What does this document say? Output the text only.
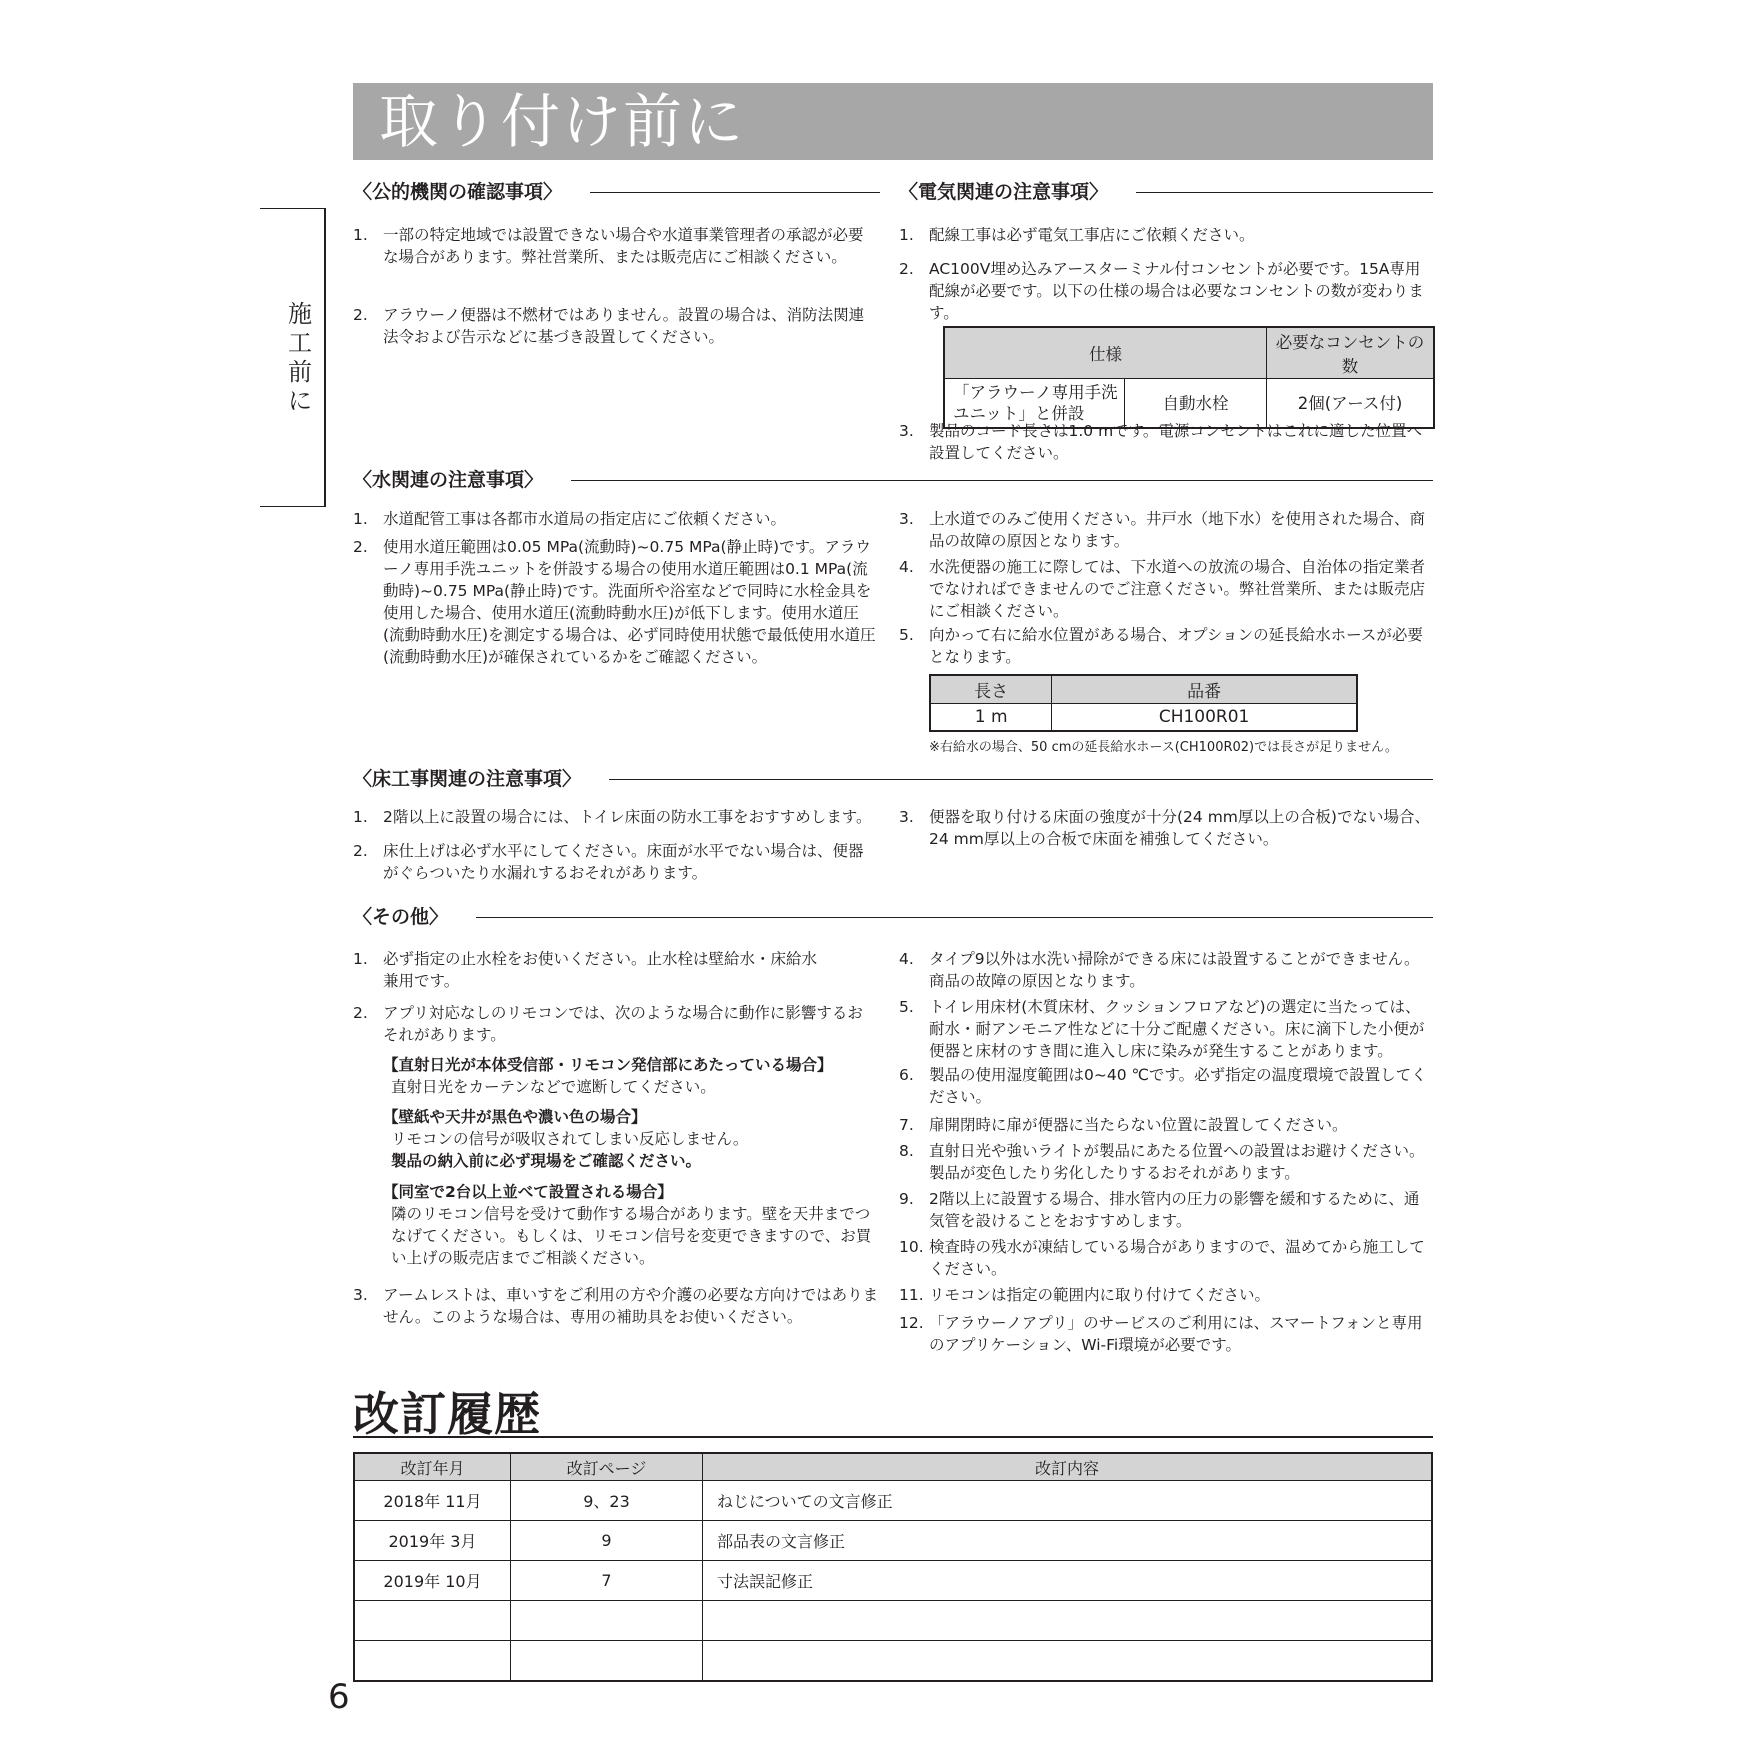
取り付け前に
施工前に
〈公的機関の確認事項〉
1. 一部の特定地域では設置できない場合や水道事業管理者の承認が必要な場合があります。弊社営業所、または販売店にご相談ください。
2. アラウーノ便器は不燃材ではありません。設置の場合は、消防法関連法令および告示などに基づき設置してください。
〈電気関連の注意事項〉
1. 配線工事は必ず電気工事店にご依頼ください。
2. AC100V埋め込みアースターミナル付コンセントが必要です。15A専用配線が必要です。以下の仕様の場合は必要なコンセントの数が変わります。
仕様		必要なコンセントの数
「アラウーノ専用手洗ユニット」と併設	自動水栓	2個(アース付)
3. 製品のコード長さは1.0 mです。電源コンセントはこれに適した位置へ設置してください。
〈水関連の注意事項〉
1. 水道配管工事は各都市水道局の指定店にご依頼ください。
2. 使用水道圧範囲は0.05 MPa(流動時)~0.75 MPa(静止時)です。アラウーノ専用手洗ユニットを併設する場合の使用水道圧範囲は0.1 MPa(流動時)~0.75 MPa(静止時)です。洗面所や浴室などで同時に水栓金具を使用した場合、使用水道圧(流動時動水圧)が低下します。使用水道圧(流動時動水圧)を測定する場合は、必ず同時使用状態で最低使用水道圧(流動時動水圧)が確保されているかをご確認ください。
3. 上水道でのみご使用ください。井戸水（地下水）を使用された場合、商品の故障の原因となります。
4. 水洗便器の施工に際しては、下水道への放流の場合、自治体の指定業者でなければできませんのでご注意ください。弊社営業所、または販売店にご相談ください。
5. 向かって右に給水位置がある場合、オプションの延長給水ホースが必要となります。
長さ	品番
1 m	CH100R01
※右給水の場合、50 cmの延長給水ホース(CH100R02)では長さが足りません。
〈床工事関連の注意事項〉
1. 2階以上に設置の場合には、トイレ床面の防水工事をおすすめします。
2. 床仕上げは必ず水平にしてください。床面が水平でない場合は、便器がぐらついたり水漏れするおそれがあります。
3. 便器を取り付ける床面の強度が十分(24 mm厚以上の合板)でない場合、24 mm厚以上の合板で床面を補強してください。
〈その他〉
1. 必ず指定の止水栓をお使いください。止水栓は壁給水・床給水兼用です。
2. アプリ対応なしのリモコンでは、次のような場合に動作に影響するおそれがあります。
【直射日光が本体受信部・リモコン発信部にあたっている場合】
直射日光をカーテンなどで遮断してください。
【壁紙や天井が黒色や濃い色の場合】
リモコンの信号が吸収されてしまい反応しません。
製品の納入前に必ず現場をご確認ください。
【同室で2台以上並べて設置される場合】
隣のリモコン信号を受けて動作する場合があります。壁を天井までつなげてください。もしくは、リモコン信号を変更できますので、お買い上げの販売店までご相談ください。
3. アームレストは、車いすをご利用の方や介護の必要な方向けではありません。このような場合は、専用の補助具をお使いください。
4. タイプ9以外は水洗い掃除ができる床には設置することができません。商品の故障の原因となります。
5. トイレ用床材(木質床材、クッションフロアなど)の選定に当たっては、耐水・耐アンモニア性などに十分ご配慮ください。床に滴下した小便が便器と床材のすき間に進入し床に染みが発生することがあります。
6. 製品の使用湿度範囲は0~40 ℃です。必ず指定の温度環境で設置してください。
7. 扉開閉時に扉が便器に当たらない位置に設置してください。
8. 直射日光や強いライトが製品にあたる位置への設置はお避けください。製品が変色したり劣化したりするおそれがあります。
9. 2階以上に設置する場合、排水管内の圧力の影響を緩和するために、通気管を設けることをおすすめします。
10. 検査時の残水が凍結している場合がありますので、温めてから施工してください。
11. リモコンは指定の範囲内に取り付けてください。
12. 「アラウーノアプリ」のサービスのご利用には、スマートフォンと専用のアプリケーション、Wi-Fi環境が必要です。
改訂履歴
改訂年月	改訂ページ	改訂内容
2018年 11月	9、23	ねじについての文言修正
2019年 3月	9	部品表の文言修正
2019年 10月	7	寸法誤記修正

6
